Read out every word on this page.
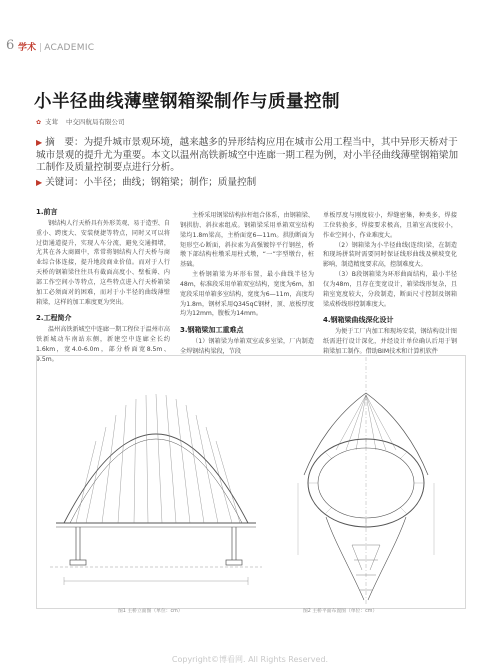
6 学术 | ACADEMIC
小半径曲线薄壁钢箱梁制作与质量控制
✿ 支茸 中交四航局有限公司
▶ 摘　要：为提升城市景观环境，越来越多的异形结构应用在城市公用工程当中，其中异形天桥对于城市景观的提升尤为重要。本文以温州高铁新城空中连廊一期工程为例，对小半径曲线薄壁钢箱梁加工制作及质量控制要点进行分析。
▶ 关键词：小半径；曲线；钢箱梁；制作；质量控制
1.前言

钢结构人行天桥具有外形美观、易于造型、自重小、跨度大、安装便捷等特点，同时又可以将过街通道提升，实现人车分流，避免交通拥堵，尤其在各大商圈中，常常将钢结构人行天桥与商业综合体连接，提升地段商业价值。而对于人行天桥的钢箱梁往往具有截面高度小、壁板薄、内部工作空间小等特点，这些特点进入行天桥箱梁加工必须面对的困难，而对于小半径的曲线薄壁箱梁，这样的加工难度更为突出。

2.工程简介

温州高铁新城空中连廊一期工程位于温州市高铁新城动车南站东侧，新建空中连廊全长约1.6km，宽4.0-6.0m，部分桥面宽8.5m、9.5m。

主桥采用钢梁结构拉杆组合体系，由钢箱梁、钢拱肋、斜拉索组成。钢箱梁采用单箱双室结构梁均1.8m梁高，主桥面宽6—11m。拱肋断面为矩形空心断面，斜拉索为高强镀锌平行钢丝，桥墩下部结构柱墩采用柱式墩，“一”字型墩台，桩基础。

主桥钢箱梁为环形布置，最小曲线半径为48m，标准段采用单箱双室结构，宽度为6m，加宽段采用单箱多室结构，宽度为6—11m，高度均为1.8m，钢材采用Q345qC钢材，顶、底板厚度均为12mm，腹板为14mm。

3.钢箱梁加工重难点

（1）钢箱梁为单箱双室或多室梁，厂内制造全焊钢结构梁段，节段

单板厚度与刚度较小，焊缝密集，种类多，焊接工位转换多，焊接要求极高，且箱室高度较小，作业空间小，作业难度大。

（2）钢箱梁为小半径曲线(连续)梁，在制造和现场拼装时需要同时保证线形曲线及横坡变化影响，制造精度要求高，控制难度大。

（3）B段钢箱梁为环形曲面结构，最小半径仅为48m，且存在变宽设计，箱梁线形复杂，且箱室宽度较大，分段制造，断面尺寸控制及钢箱梁成桥线形控制难度大。

4.钢箱梁曲线深化设计

为便于工厂内加工和现场安装，钢结构设计图纸需进行设计深化，并经设计单位确认后用于钢箱梁加工制作。借助BIM技术和计算机软件

图1 主桥立面图（单位：cm）	图2 主桥平面布置图（单位：cm）
Copyright©博看网. All Rights Reserved.
